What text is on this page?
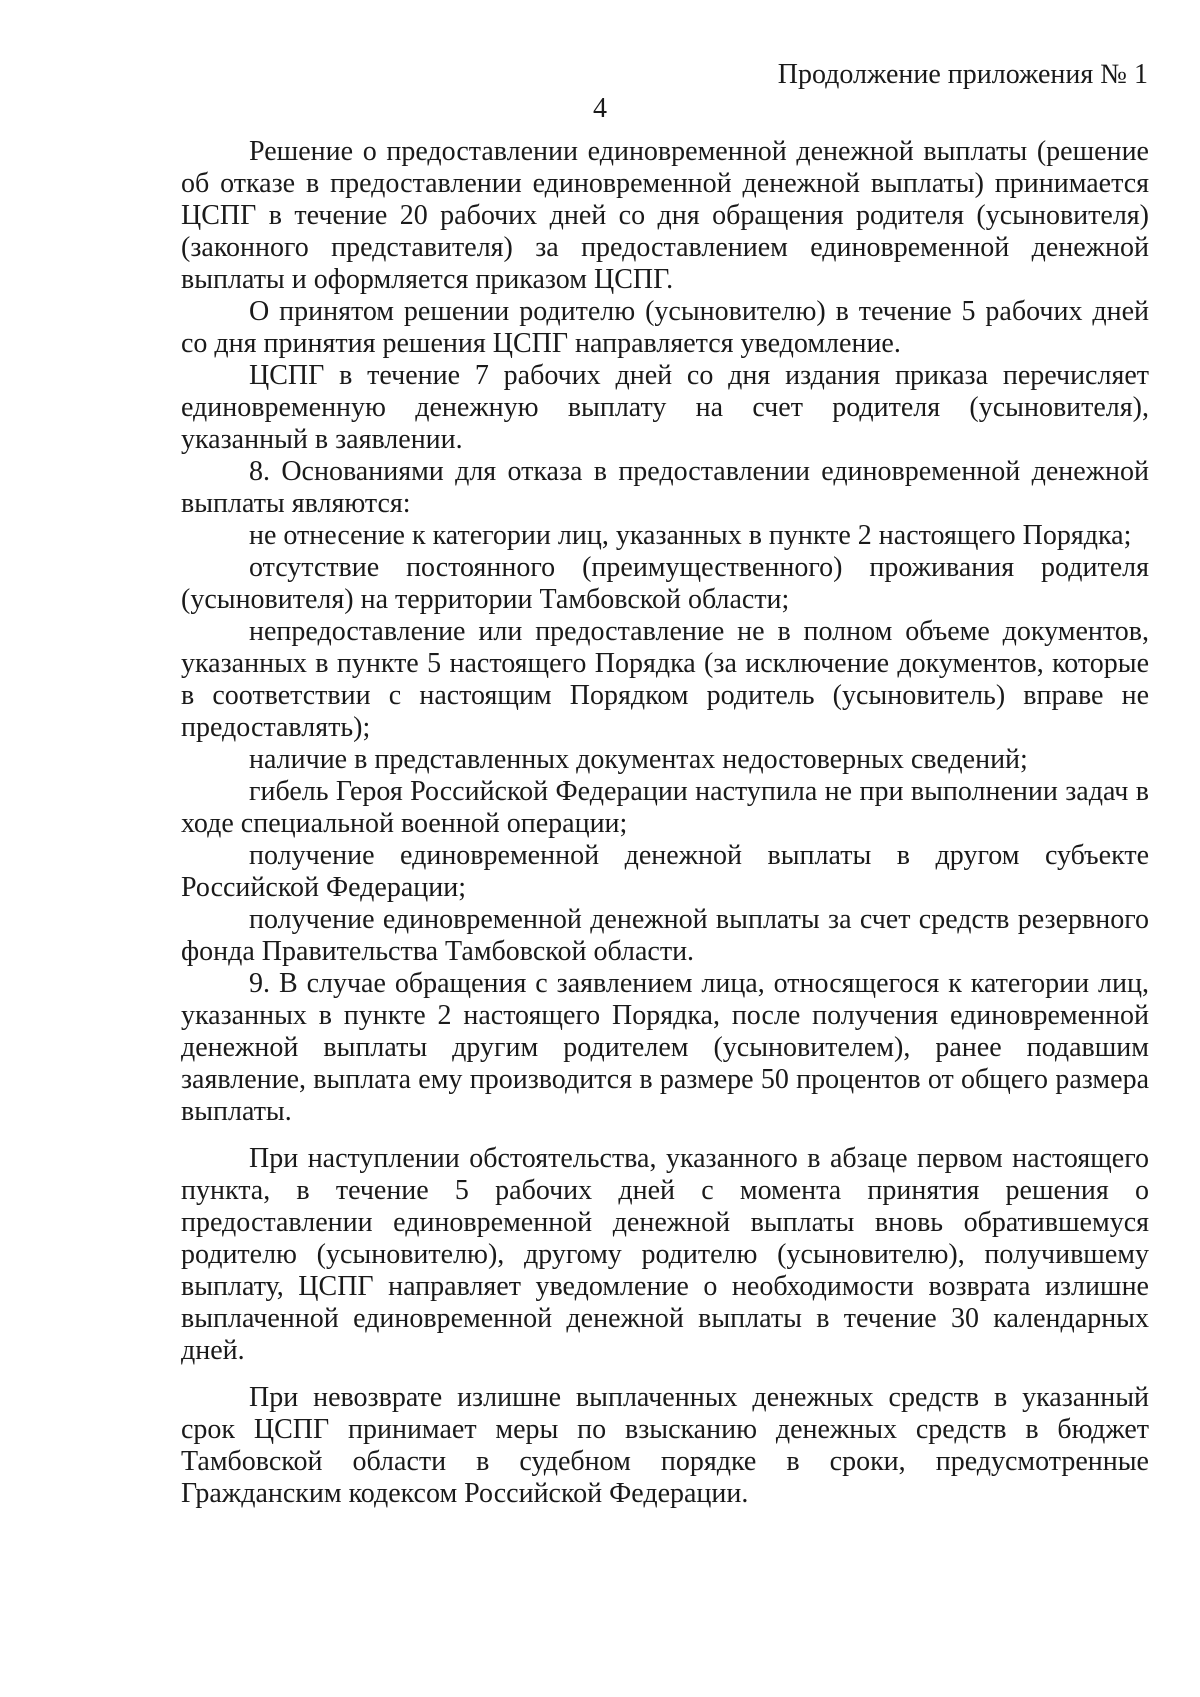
Продолжение приложения № 1
4

Решение о предоставлении единовременной денежной выплаты (решение об отказе в предоставлении единовременной денежной выплаты) принимается ЦСПГ в течение 20 рабочих дней со дня обращения родителя (усыновителя) (законного представителя) за предоставлением единовременной денежной выплаты и оформляется приказом ЦСПГ.

О принятом решении родителю (усыновителю) в течение 5 рабочих дней со дня принятия решения ЦСПГ направляется уведомление.

ЦСПГ в течение 7 рабочих дней со дня издания приказа перечисляет единовременную денежную выплату на счет родителя (усыновителя), указанный в заявлении.

8. Основаниями для отказа в предоставлении единовременной денежной выплаты являются:

не отнесение к категории лиц, указанных в пункте 2 настоящего Порядка;

отсутствие постоянного (преимущественного) проживания родителя (усыновителя) на территории Тамбовской области;

непредоставление или предоставление не в полном объеме документов, указанных в пункте 5 настоящего Порядка (за исключение документов, которые в соответствии с настоящим Порядком родитель (усыновитель) вправе не предоставлять);

наличие в представленных документах недостоверных сведений;

гибель Героя Российской Федерации наступила не при выполнении задач в ходе специальной военной операции;

получение единовременной денежной выплаты в другом субъекте Российской Федерации;

получение единовременной денежной выплаты за счет средств резервного фонда Правительства Тамбовской области.

9. В случае обращения с заявлением лица, относящегося к категории лиц, указанных в пункте 2 настоящего Порядка, после получения единовременной денежной выплаты другим родителем (усыновителем), ранее подавшим заявление, выплата ему производится в размере 50 процентов от общего размера выплаты.

При наступлении обстоятельства, указанного в абзаце первом настоящего пункта, в течение 5 рабочих дней с момента принятия решения о предоставлении единовременной денежной выплаты вновь обратившемуся родителю (усыновителю), другому родителю (усыновителю), получившему выплату, ЦСПГ направляет уведомление о необходимости возврата излишне выплаченной единовременной денежной выплаты в течение 30 календарных дней.

При невозврате излишне выплаченных денежных средств в указанный срок ЦСПГ принимает меры по взысканию денежных средств в бюджет Тамбовской области в судебном порядке в сроки, предусмотренные Гражданским кодексом Российской Федерации.
